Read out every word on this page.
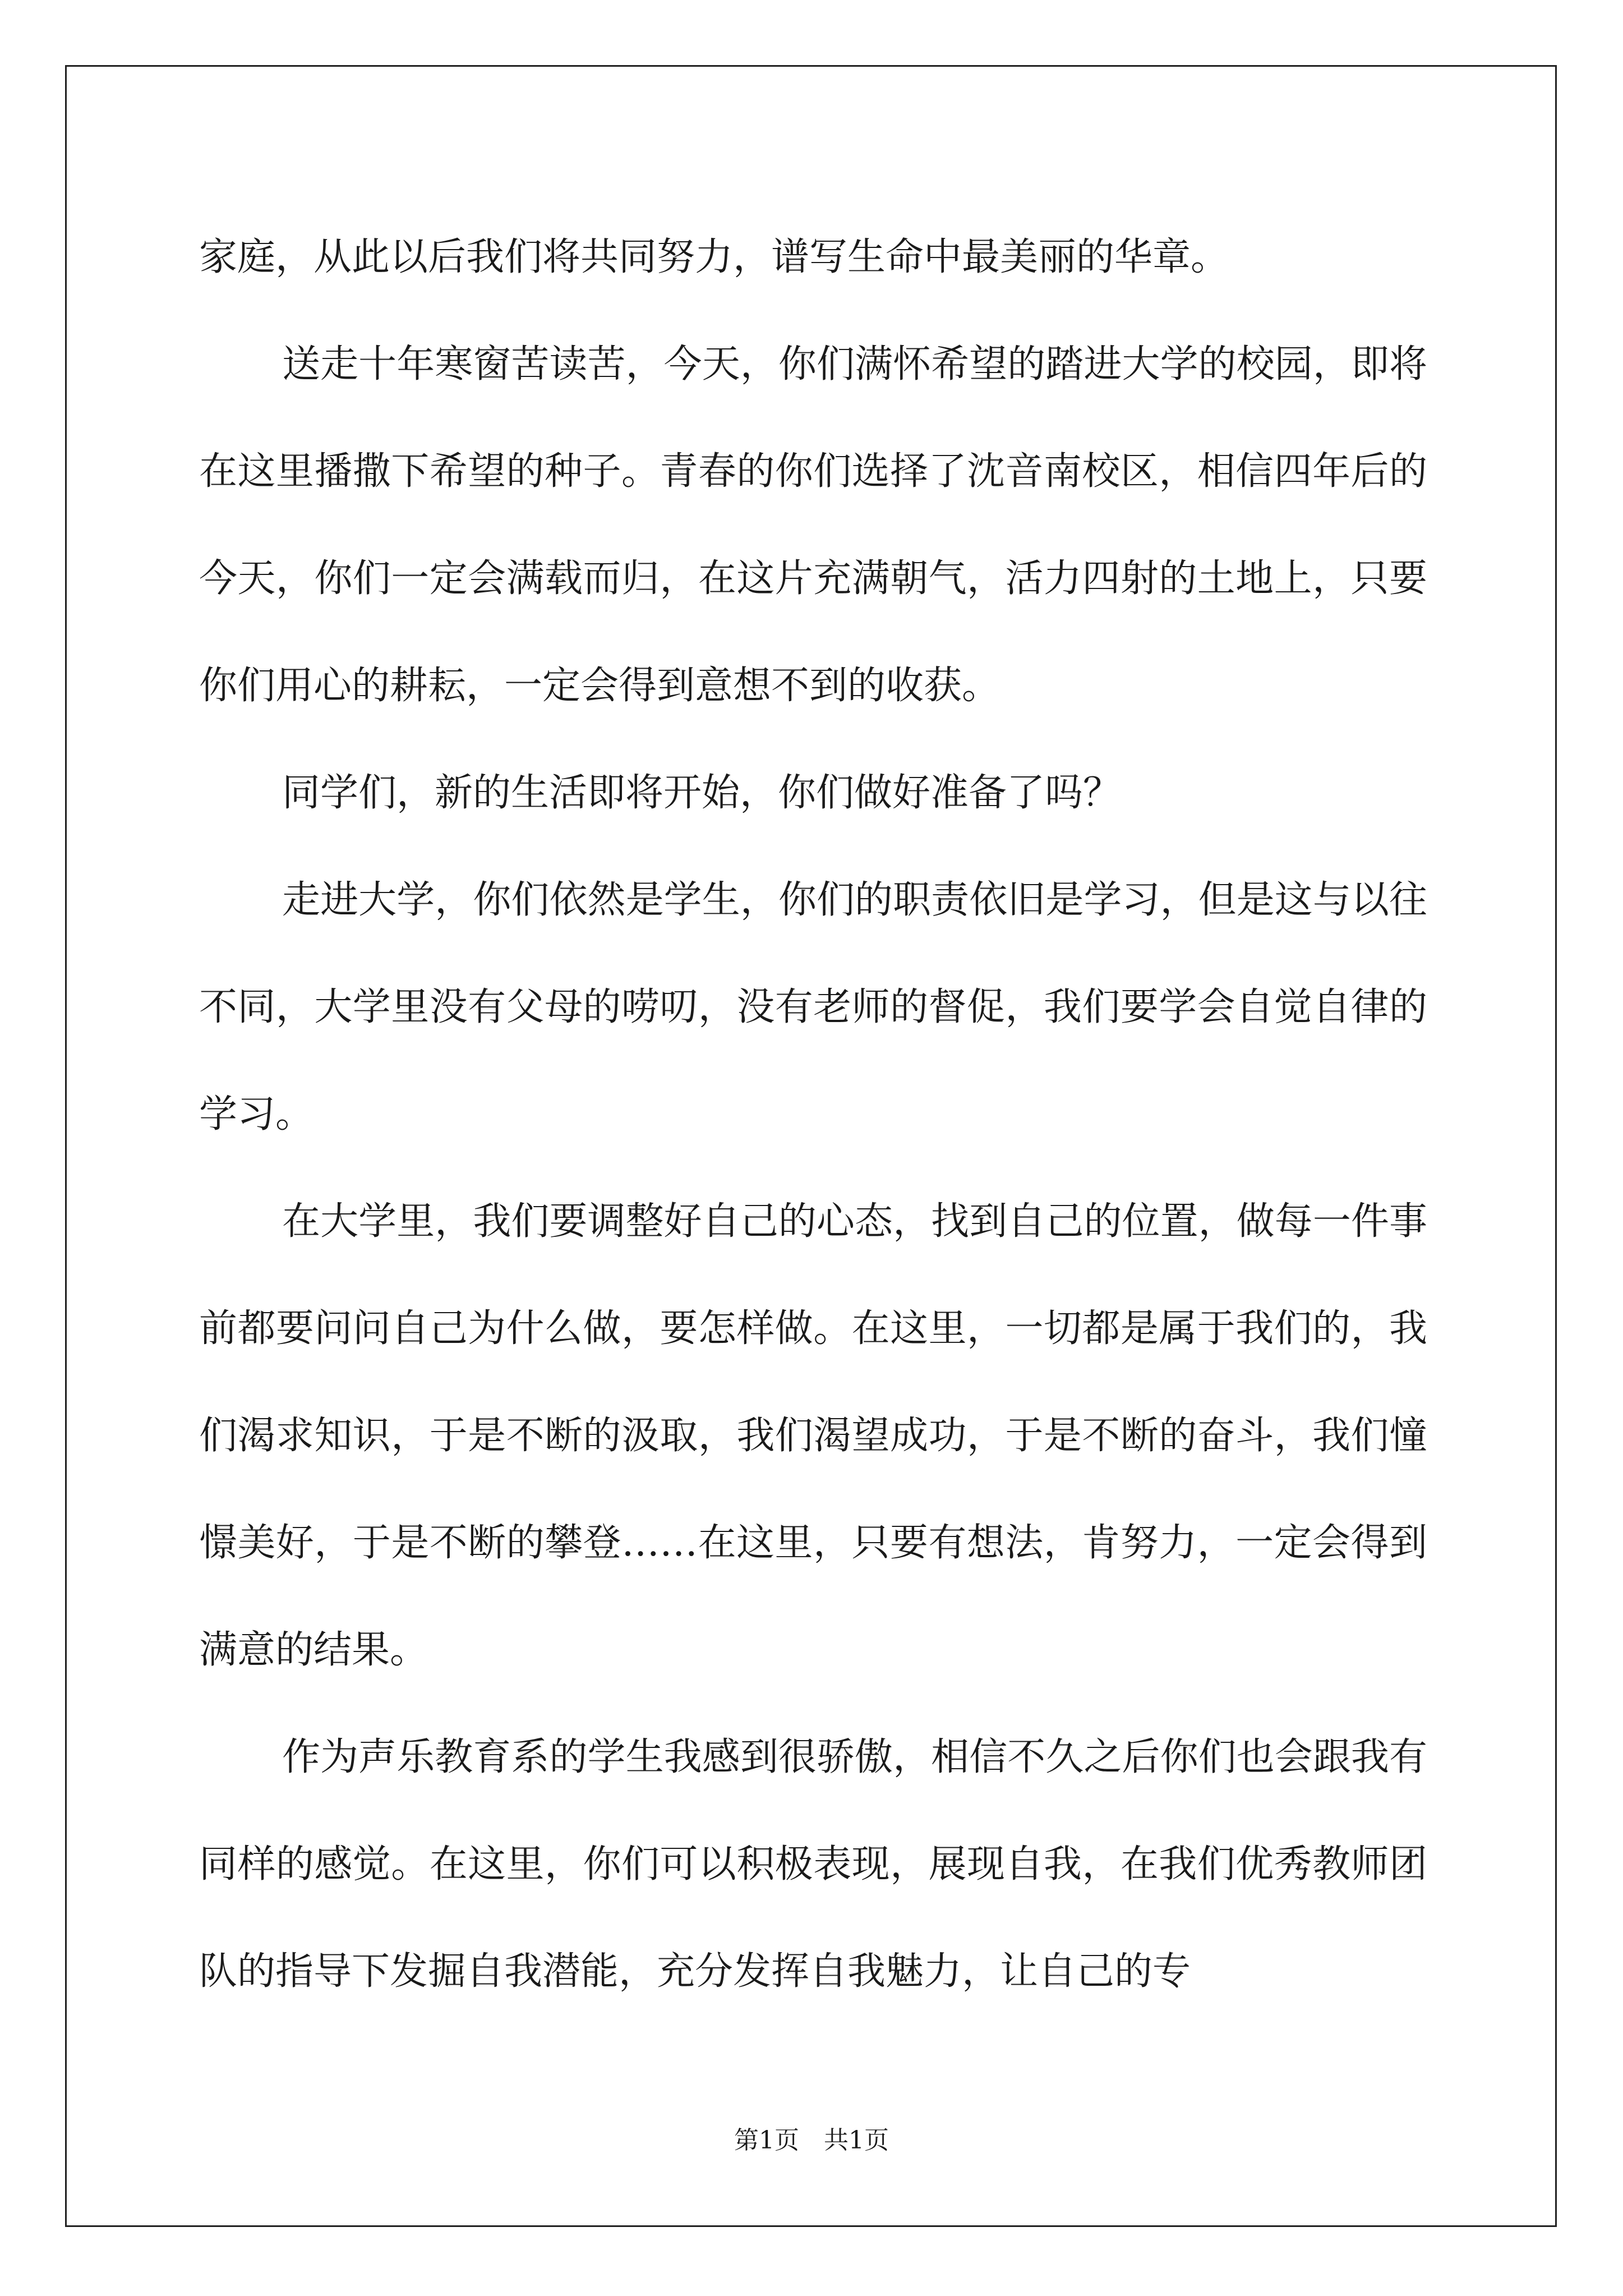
家庭，从此以后我们将共同努力，谱写生命中最美丽的华章。

送走十年寒窗苦读苦，今天，你们满怀希望的踏进大学的校园，即将在这里播撒下希望的种子。青春的你们选择了沈音南校区，相信四年后的今天，你们一定会满载而归，在这片充满朝气，活力四射的土地上，只要你们用心的耕耘，一定会得到意想不到的收获。

同学们，新的生活即将开始，你们做好准备了吗？

走进大学，你们依然是学生，你们的职责依旧是学习，但是这与以往不同，大学里没有父母的唠叨，没有老师的督促，我们要学会自觉自律的学习。

在大学里，我们要调整好自己的心态，找到自己的位置，做每一件事前都要问问自己为什么做，要怎样做。在这里，一切都是属于我们的，我们渴求知识，于是不断的汲取，我们渴望成功，于是不断的奋斗，我们憧憬美好，于是不断的攀登……在这里，只要有想法，肯努力，一定会得到满意的结果。

作为声乐教育系的学生我感到很骄傲，相信不久之后你们也会跟我有同样的感觉。在这里，你们可以积极表现，展现自我，在我们优秀教师团队的指导下发掘自我潜能，充分发挥自我魅力，让自己的专

第1页 共1页
